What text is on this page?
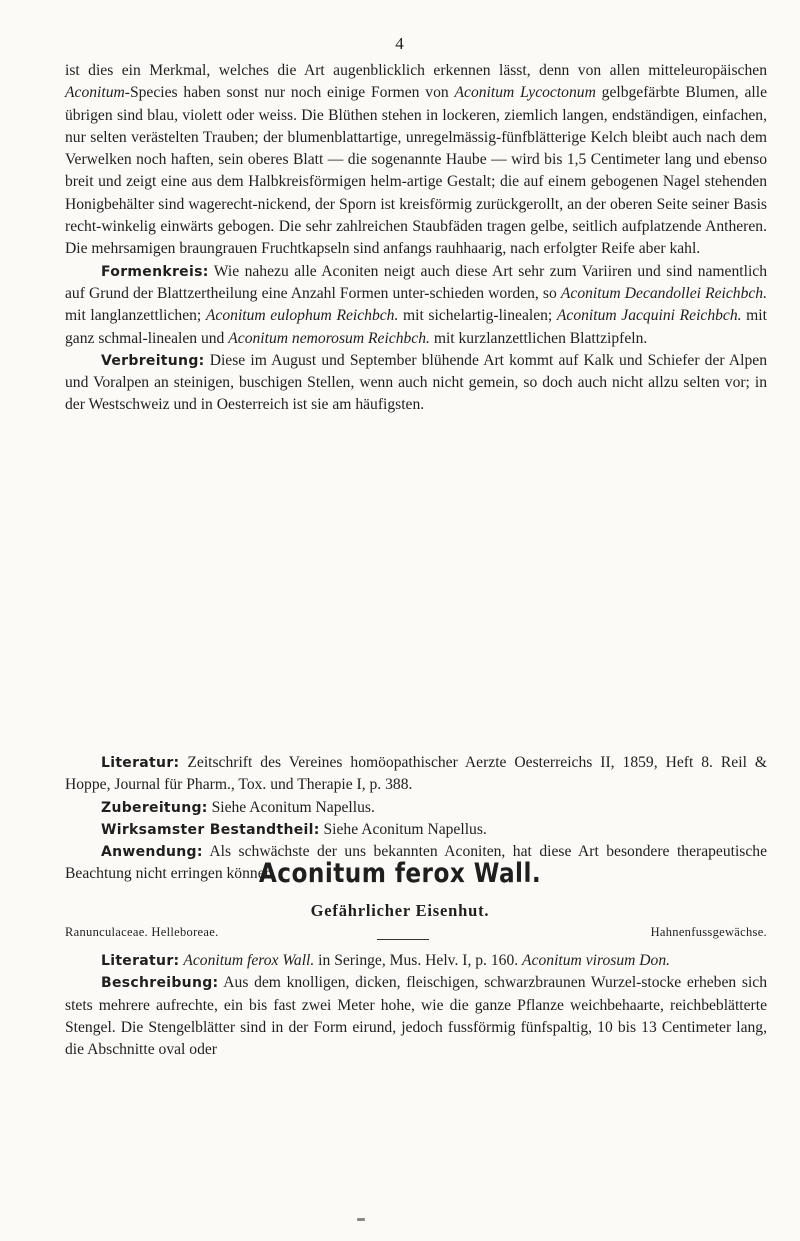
4

ist dies ein Merkmal, welches die Art augenblicklich erkennen lässt, denn von allen mitteleuropäischen Aconitum-Species haben sonst nur noch einige Formen von Aconitum Lycoctonum gelbgefärbte Blumen, alle übrigen sind blau, violett oder weiss. Die Blüthen stehen in lockeren, ziemlich langen, endständigen, einfachen, nur selten verästelten Trauben; der blumenblattartige, unregelmässig-fünfblätterige Kelch bleibt auch nach dem Verwelken noch haften, sein oberes Blatt — die sogenannte Haube — wird bis 1,5 Centimeter lang und ebenso breit und zeigt eine aus dem Halbkreisförmigen helm-artige Gestalt; die auf einem gebogenen Nagel stehenden Honigbehälter sind wagerecht-nickend, der Sporn ist kreisförmig zurückgerollt, an der oberen Seite seiner Basis recht-winkelig einwärts gebogen. Die sehr zahlreichen Staubfäden tragen gelbe, seitlich aufplatzende Antheren. Die mehrsamigen braungrauen Fruchtkapseln sind anfangs rauhhaarig, nach erfolgter Reife aber kahl.

Formenkreis: Wie nahezu alle Aconiten neigt auch diese Art sehr zum Variiren und sind namentlich auf Grund der Blattzertheilung eine Anzahl Formen unter-schieden worden, so Aconitum Decandollei Reichbch. mit langlanzettlichen; Aconitum eulophum Reichbch. mit sichelartig-linealen; Aconitum Jacquini Reichbch. mit ganz schmal-linealen und Aconitum nemorosum Reichbch. mit kurzlanzettlichen Blattzipfeln.

Verbreitung: Diese im August und September blühende Art kommt auf Kalk und Schiefer der Alpen und Voralpen an steinigen, buschigen Stellen, wenn auch nicht gemein, so doch auch nicht allzu selten vor; in der Westschweiz und in Oesterreich ist sie am häufigsten.

Literatur: Zeitschrift des Vereines homöopathischer Aerzte Oesterreichs II, 1859, Heft 8. Reil & Hoppe, Journal für Pharm., Tox. und Therapie I, p. 388.

Zubereitung: Siehe Aconitum Napellus.

Wirksamster Bestandtheil: Siehe Aconitum Napellus.

Anwendung: Als schwächste der uns bekannten Aconiten, hat diese Art besondere therapeutische Beachtung nicht erringen können.

Aconitum ferox Wall.
Gefährlicher Eisenhut.
Ranunculaceae. Helleboreae.	Hahnenfussgewächse.

Literatur: Aconitum ferox Wall. in Seringe, Mus. Helv. I, p. 160. Aconitum virosum Don.

Beschreibung: Aus dem knolligen, dicken, fleischigen, schwarzbraunen Wurzel-stocke erheben sich stets mehrere aufrechte, ein bis fast zwei Meter hohe, wie die ganze Pflanze weichbehaarte, reichbeblätterte Stengel. Die Stengelblätter sind in der Form eirund, jedoch fussförmig fünfspaltig, 10 bis 13 Centimeter lang, die Abschnitte oval oder
